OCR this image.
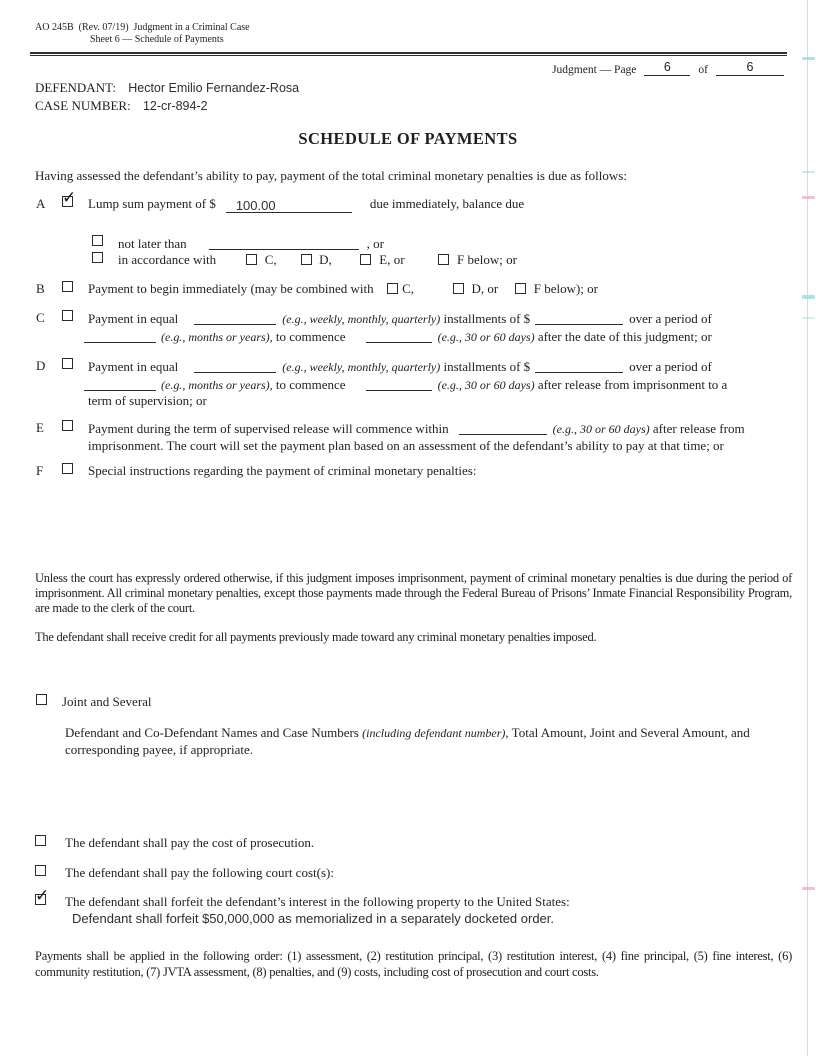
AO 245B (Rev. 07/19) Judgment in a Criminal Case
Sheet 6 — Schedule of Payments
Judgment — Page	6	of	6
DEFENDANT: Hector Emilio Fernandez-Rosa
CASE NUMBER: 12-cr-894-2
SCHEDULE OF PAYMENTS
Having assessed the defendant’s ability to pay, payment of the total criminal monetary penalties is due as follows:
A ✓	Lump sum payment of $ 100.00	due immediately, balance due
not later than	, or
in accordance with	C,	D,	E, or	F below; or
B	Payment to begin immediately (may be combined with C,	D, or	F below); or
C	Payment in equal	(e.g., weekly, monthly, quarterly) installments of $	over a period of
(e.g., months or years), to commence	(e.g., 30 or 60 days) after the date of this judgment; or
D	Payment in equal	(e.g., weekly, monthly, quarterly) installments of $	over a period of
(e.g., months or years), to commence	(e.g., 30 or 60 days) after release from imprisonment to a
term of supervision; or
E	Payment during the term of supervised release will commence within	(e.g., 30 or 60 days) after release from
imprisonment. The court will set the payment plan based on an assessment of the defendant’s ability to pay at that time; or
F	Special instructions regarding the payment of criminal monetary penalties:
Unless the court has expressly ordered otherwise, if this judgment imposes imprisonment, payment of criminal monetary penalties is due during the period of imprisonment. All criminal monetary penalties, except those payments made through the Federal Bureau of Prisons’ Inmate Financial Responsibility Program, are made to the clerk of the court.
The defendant shall receive credit for all payments previously made toward any criminal monetary penalties imposed.
Joint and Several
Defendant and Co-Defendant Names and Case Numbers (including defendant number), Total Amount, Joint and Several Amount, and corresponding payee, if appropriate.
The defendant shall pay the cost of prosecution.
The defendant shall pay the following court cost(s):
✓
The defendant shall forfeit the defendant’s interest in the following property to the United States:
Defendant shall forfeit $50,000,000 as memorialized in a separately docketed order.
Payments shall be applied in the following order: (1) assessment, (2) restitution principal, (3) restitution interest, (4) fine principal, (5) fine interest, (6) community restitution, (7) JVTA assessment, (8) penalties, and (9) costs, including cost of prosecution and court costs.
